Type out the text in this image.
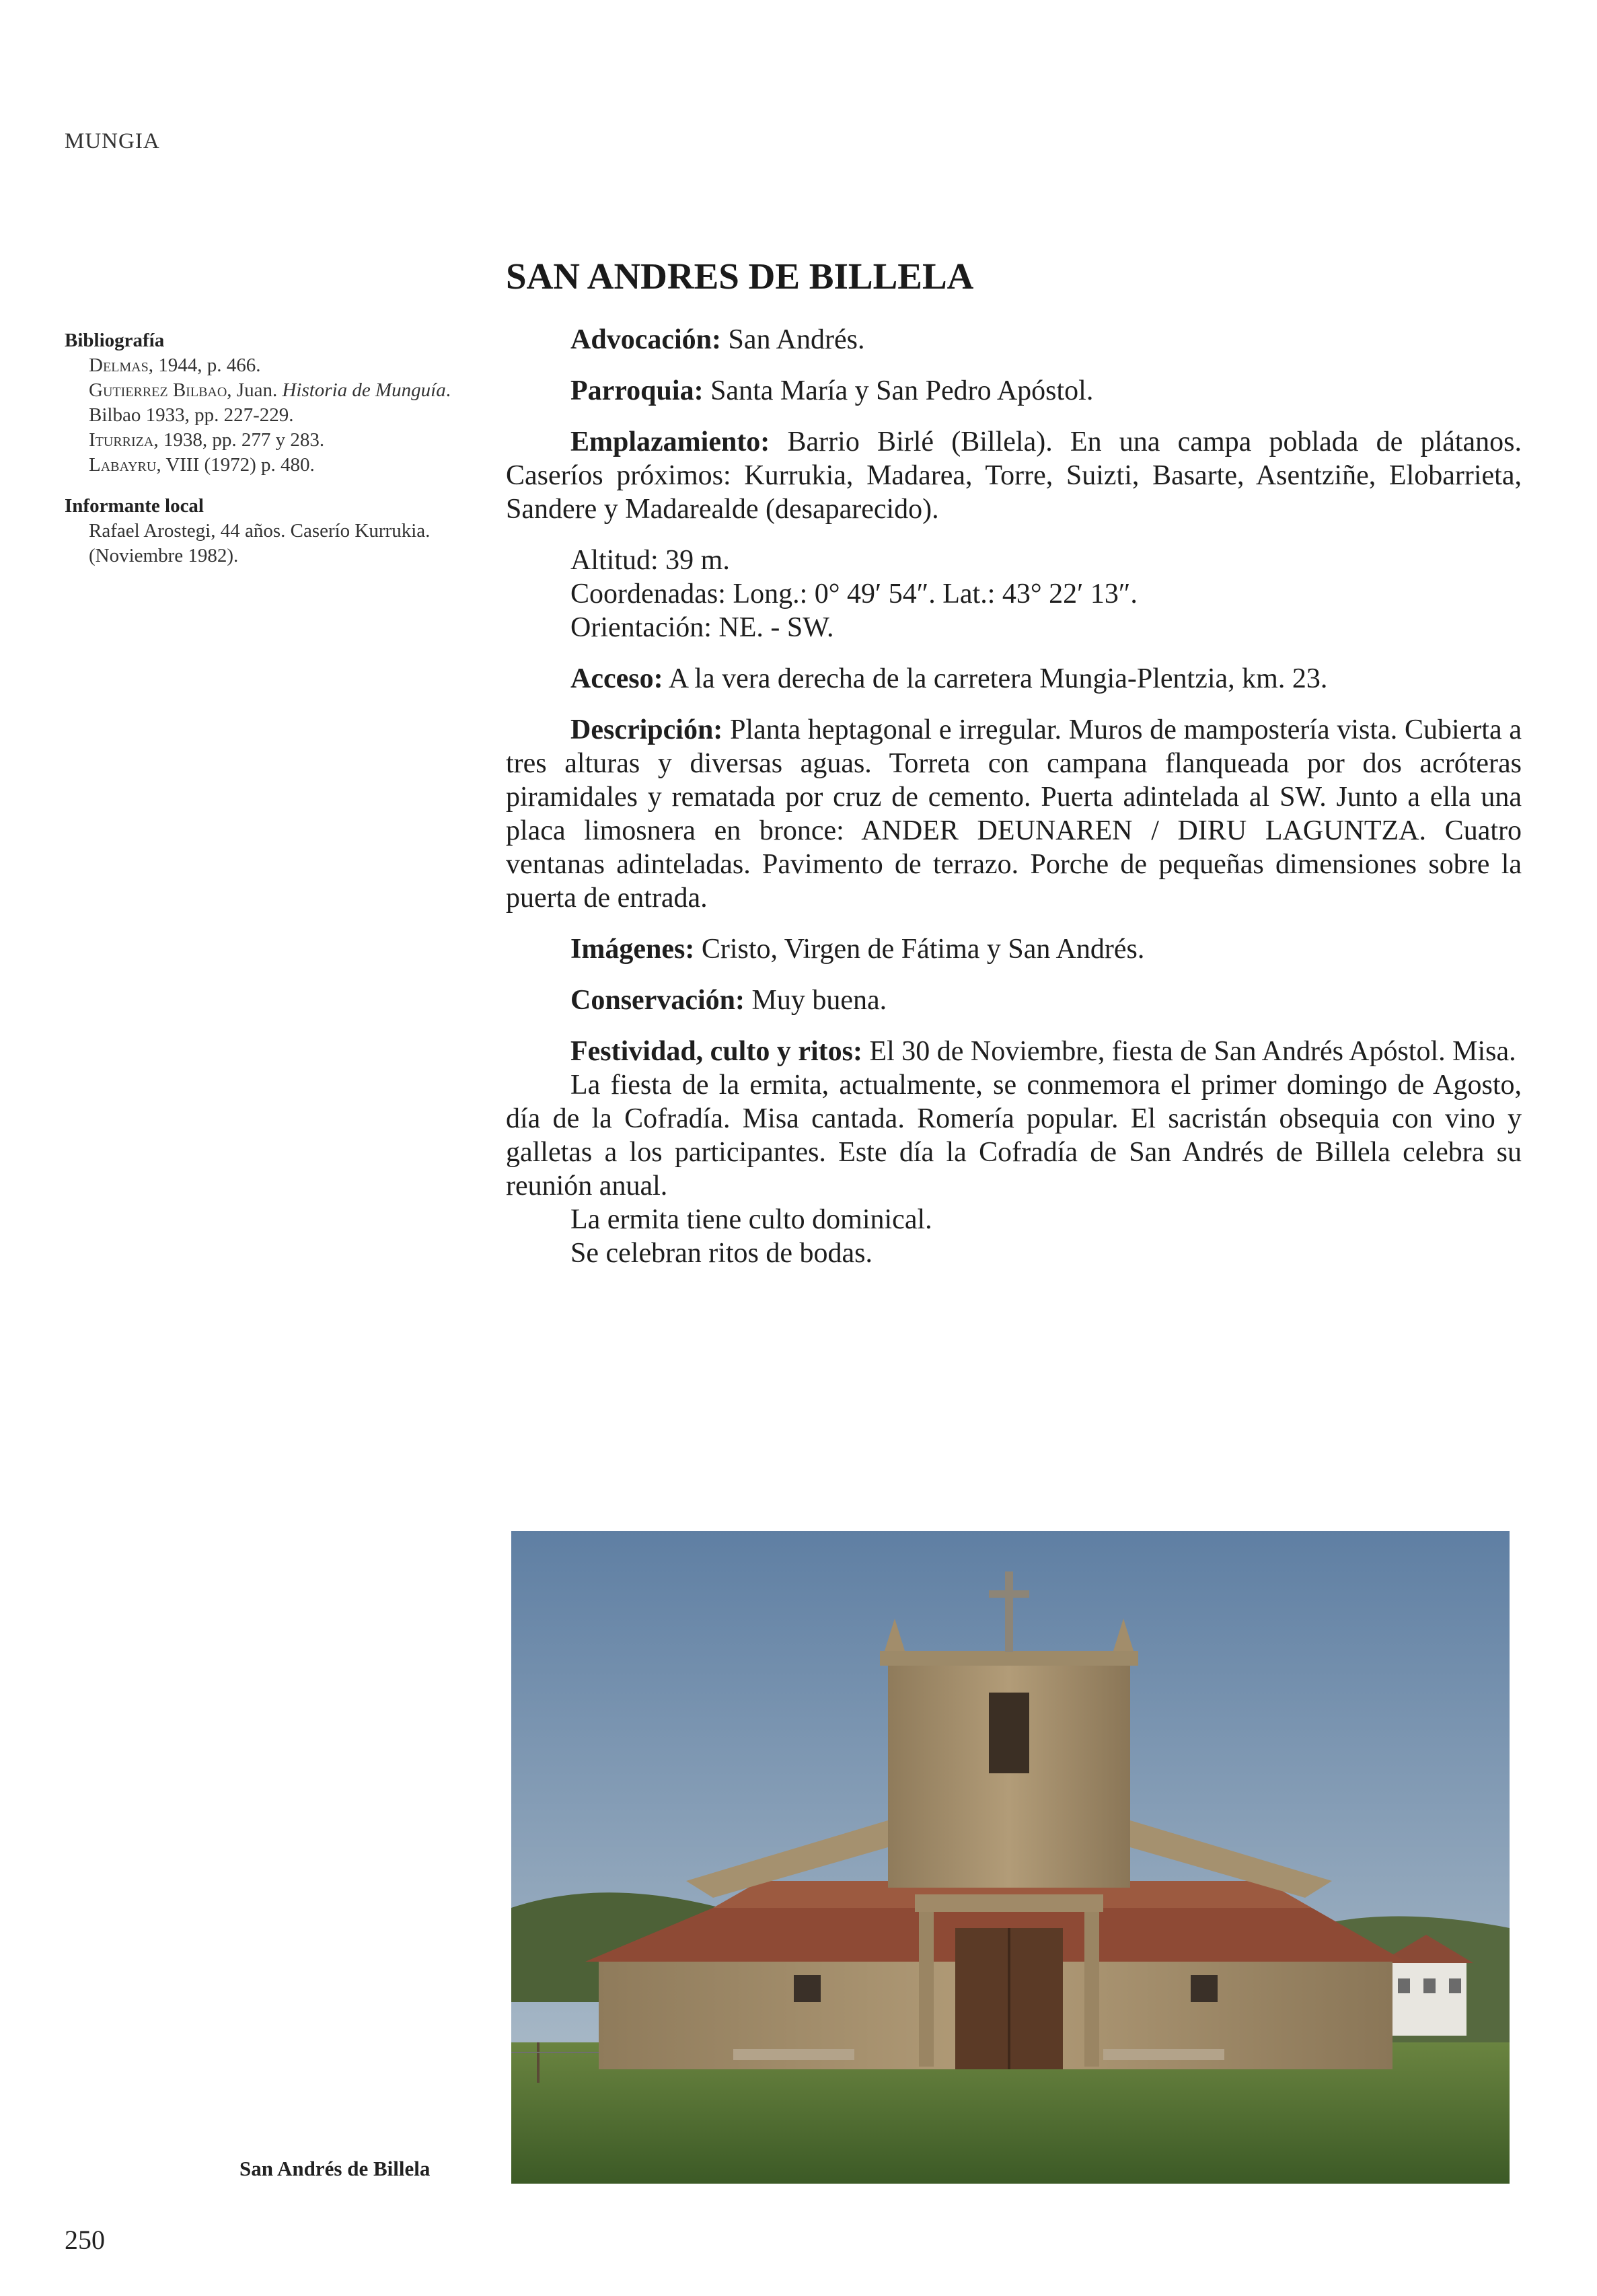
MUNGIA
Bibliografía
Delmas, 1944, p. 466.
Gutierrez Bilbao, Juan. Historia de Munguía. Bilbao 1933, pp. 227-229.
Iturriza, 1938, pp. 277 y 283.
Labayru, VIII (1972) p. 480.
Informante local
Rafael Arostegi, 44 años. Caserío Kurrukia. (Noviembre 1982).
SAN ANDRES DE BILLELA

Advocación: San Andrés.

Parroquia: Santa María y San Pedro Apóstol.

Emplazamiento: Barrio Birlé (Billela). En una campa poblada de plátanos. Caseríos próximos: Kurrukia, Madarea, Torre, Suizti, Basarte, Asentziñe, Elobarrieta, Sandere y Madarealde (desaparecido).

Altitud: 39 m.
Coordenadas: Long.: 0° 49′ 54″. Lat.: 43° 22′ 13″.
Orientación: NE. - SW.

Acceso: A la vera derecha de la carretera Mungia-Plentzia, km. 23.

Descripción: Planta heptagonal e irregular. Muros de mampostería vista. Cubierta a tres alturas y diversas aguas. Torreta con campana flanqueada por dos acróteras piramidales y rematada por cruz de cemento. Puerta adintelada al SW. Junto a ella una placa limosnera en bronce: ANDER DEUNAREN / DIRU LAGUNTZA. Cuatro ventanas adinteladas. Pavimento de terrazo. Porche de pequeñas dimensiones sobre la puerta de entrada.

Imágenes: Cristo, Virgen de Fátima y San Andrés.

Conservación: Muy buena.

Festividad, culto y ritos: El 30 de Noviembre, fiesta de San Andrés Apóstol. Misa.

La fiesta de la ermita, actualmente, se conmemora el primer domingo de Agosto, día de la Cofradía. Misa cantada. Romería popular. El sacristán obsequia con vino y galletas a los participantes. Este día la Cofradía de San Andrés de Billela celebra su reunión anual.

La ermita tiene culto dominical.

Se celebran ritos de bodas.

San Andrés de Billela
250
